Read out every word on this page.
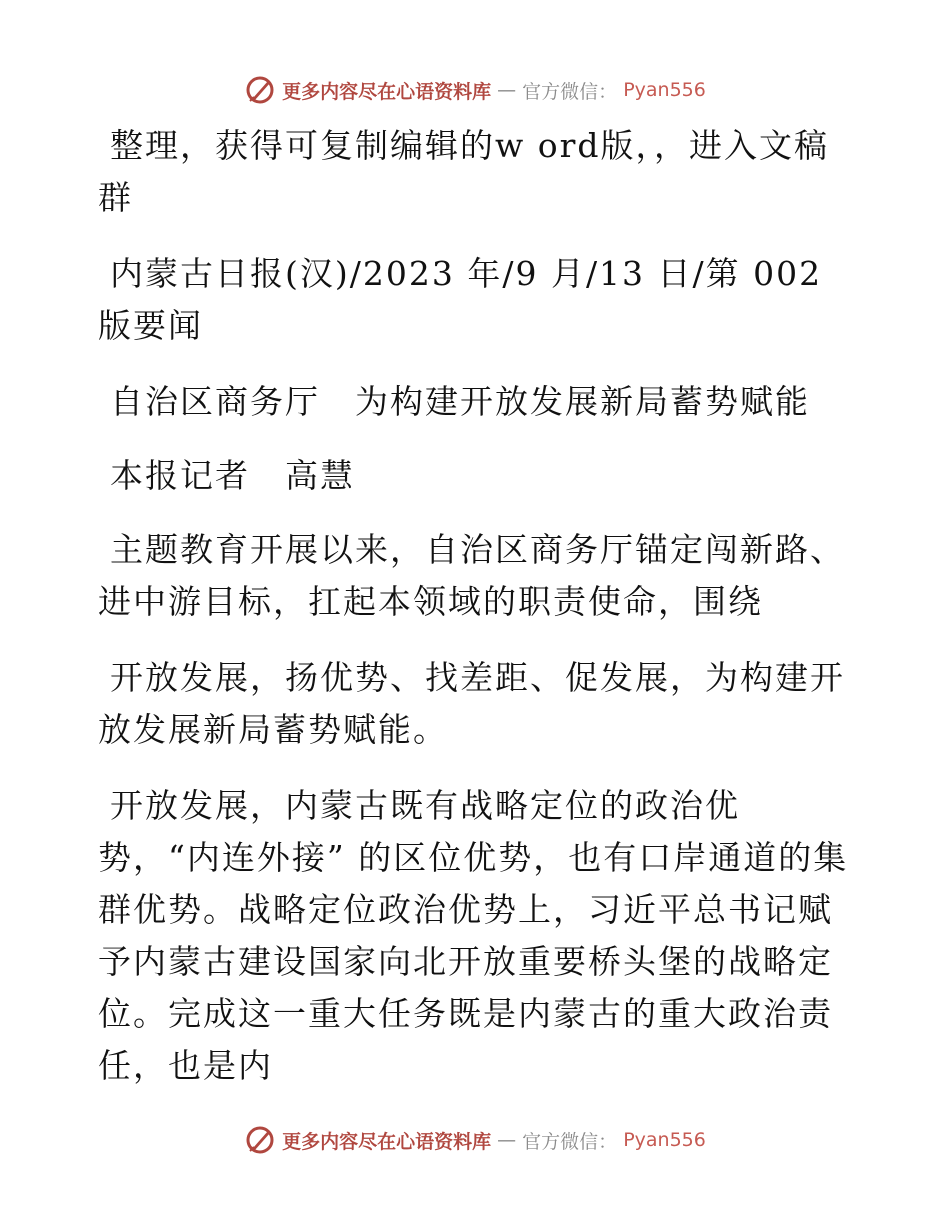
更多内容尽在心语资料库 — 官方微信： Pyan556

整理，获得可复制编辑的w ord版，，进入文稿群

内蒙古日报(汉)/2023 年/9 月/13 日/第 002 版要闻

自治区商务厅　为构建开放发展新局蓄势赋能

本报记者　高慧

主题教育开展以来，自治区商务厅锚定闯新路、进中游目标，扛起本领域的职责使命，围绕

开放发展，扬优势、找差距、促发展，为构建开放发展新局蓄势赋能。

开放发展，内蒙古既有战略定位的政治优势，“内连外接” 的区位优势，也有口岸通道的集群优势。战略定位政治优势上，习近平总书记赋予内蒙古建设国家向北开放重要桥头堡的战略定位。完成这一重大任务既是内蒙古的重大政治责任，也是内

更多内容尽在心语资料库 — 官方微信： Pyan556
